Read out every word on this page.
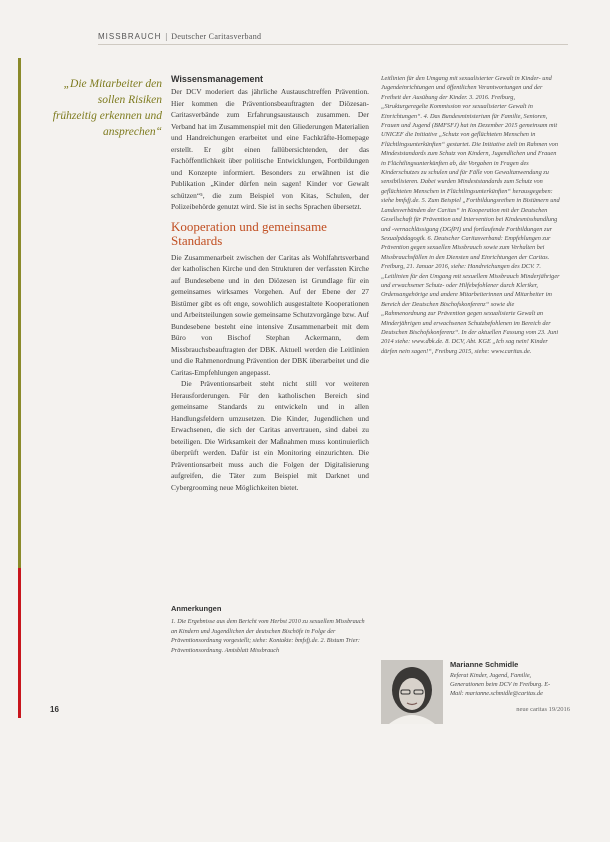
MISSBRAUCH | Deutscher Caritasverband
„Die Mitarbeiter den sollen Risiken frühzeitig erkennen und ansprechen“
Wissensmanagement

Der DCV moderiert das jährliche Austauschtreffen Prävention. Hier kommen die Präventionsbeauftragten der Diözesan-Caritasverbände zum Erfahrungsaustausch zusammen. Der Verband hat im Zusammenspiel mit den Gliederungen Materialien und Handreichungen erarbeitet und eine Fachkräfte-Homepage erstellt. Er gibt einen fallübersichtenden, der das Fachöffentlichkeit über politische Entwicklungen, Fortbildungen und Konzepte informiert. Besonders zu erwähnen ist die Publikation „Kinder dürfen nein sagen! Kinder vor Gewalt schützen“⁵, die zum Beispiel von Kitas, Schulen, der Polizeibehörde genutzt wird. Sie ist in sechs Sprachen übersetzt.

Kooperation und gemeinsame Standards

Die Zusammenarbeit zwischen der Caritas als Wohlfahrtsverband der katholischen Kirche und den Strukturen der verfassten Kirche auf Bundesebene und in den Diözesen ist Grundlage für ein gemeinsames wirksames Vorgehen. Auf der Ebene der 27 Bistümer gibt es oft enge, sowohlich ausgestaltete Kooperationen und Arbeitsteilungen sowie gemeinsame Schutzvorgänge bzw. Auf Bundesebene besteht eine intensive Zusammenarbeit mit dem Büro von Bischof Stephan Ackermann, dem Missbrauchsbeauftragten der DBK. Aktuell werden die Leitlinien und die Rahmenordnung Prävention der DBK überarbeitet und die Caritas-Empfehlungen angepasst.

Die Präventionsarbeit steht nicht still vor weiteren Herausforderungen. Für den katholischen Bereich sind gemeinsame Standards zu entwickeln und in allen Handlungsfeldern umzusetzen. Die Kinder, Jugendlichen und Erwachsenen, die sich der Caritas anvertrauen, sind dabei zu beteiligen. Die Wirksamkeit der Maßnahmen muss kontinuierlich überprüft werden. Dafür ist ein Monitoring einzurichten. Die Präventionsarbeit muss auch die Folgen der Digitalisierung aufgreifen, die Täter zum Beispiel mit Darknet und Cybergrooming neue Möglichkeiten bietet.

Leitlinien für den Umgang mit sexualisierter Gewalt in Kinder- und Jugendeinrichtungen und öffentlichen Verantwortungen und der Freiheit der Ausübung der Kinder. 3. 2016. Freiburg, „Strukturgeregelte Kommission vor sexualisierter Gewalt in Einrichtungen“. 4. Das Bundesministerium für Familie, Senioren, Frauen und Jugend (BMFSFJ) hat im Dezember 2015 gemeinsam mit UNICEF die Initiative „Schutz von geflüchteten Menschen in Flüchtlingsunterkünften“ gestartet. Die Initiative zielt im Rahmen von Mindeststandards zum Schutz von Kindern, Jugendlichen und Frauen in Flüchtlingsunterkünften ab, die Vorgaben in Fragen des Kinderschutzes zu schulen und für Fälle von Gewaltanwendung zu sensibilisieren. Dabei wurden Mindeststandards zum Schutz von geflüchteten Menschen in Flüchtlingsunterkünften“ herausgegeben: siehe bmfsfj.de. 5. Zum Beispiel „Fortbildungsreihen in Bistümern und Landesverbänden der Caritas“ in Kooperation mit der Deutschen Gesellschaft für Prävention und Intervention bei Kindesmisshandlung und -vernachlässigung (DGfPI) und fortlaufende Fortbildungen zur Sexualpädagogik. 6. Deutscher Caritasverband: Empfehlungen zur Prävention gegen sexuellen Missbrauch sowie zum Verhalten bei Missbrauchsfällen in den Diensten und Einrichtungen der Caritas. Freiburg, 21. Januar 2016, siehe: Handreichungen des DCV. 7. „Leitlinien für den Umgang mit sexuellem Missbrauch Minderjähriger und erwachsener Schutz- oder Hilfebefohlener durch Kleriker, Ordensangehörige und andere Mitarbeiterinnen und Mitarbeiter im Bereich der Deutschen Bischofskonferenz“ sowie die „Rahmenordnung zur Prävention gegen sexualisierte Gewalt an Minderjährigen und erwachsenen Schutzbefohlenen im Bereich der Deutschen Bischofskonferenz“. In der aktuellen Fassung vom 23. Juni 2014 siehe: www.dbk.de. 8. DCV, Abt. KGE „Ich sag nein! Kinder dürfen nein sagen!“, Freiburg 2015, siehe: www.caritas.de.

Anmerkungen

1. Die Ergebnisse aus dem Bericht vom Herbst 2010 zu sexuellem Missbrauch an Kindern und Jugendlichen der deutschen Bischöfe in Folge der Präventionsordnung vorgestellt; siehe: Kontakte: bmfsfj.de. 2. Bistum Trier: Präventionsordnung. Amtsblatt Missbrauch

Marianne Schmidle

Referat Kinder, Jugend, Familie, Generationen beim DCV in Freiburg. E-Mail: marianne.schmidle@caritas.de

16	neue caritas 19/2016
